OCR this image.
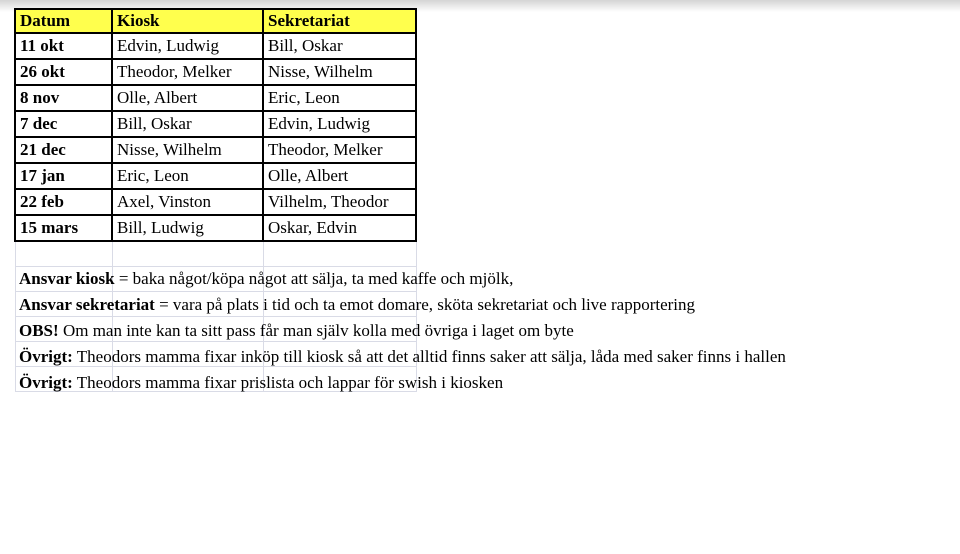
Datum	Kiosk	Sekretariat
11 okt	Edvin, Ludwig	Bill, Oskar
26 okt	Theodor, Melker	Nisse, Wilhelm
8 nov	Olle, Albert	Eric, Leon
7 dec	Bill, Oskar	Edvin, Ludwig
21 dec	Nisse, Wilhelm	Theodor, Melker
17 jan	Eric, Leon	Olle, Albert
22 feb	Axel, Vinston	Vilhelm, Theodor
15 mars	Bill, Ludwig	Oskar, Edvin

Ansvar kiosk = baka något/köpa något att sälja, ta med kaffe och mjölk,
Ansvar sekretariat = vara på plats i tid och ta emot domare, sköta sekretariat och live rapportering
OBS! Om man inte kan ta sitt pass får man själv kolla med övriga i laget om byte
Övrigt: Theodors mamma fixar inköp till kiosk så att det alltid finns saker att sälja, låda med saker finns i hallen
Övrigt: Theodors mamma fixar prislista och lappar för swish i kiosken
